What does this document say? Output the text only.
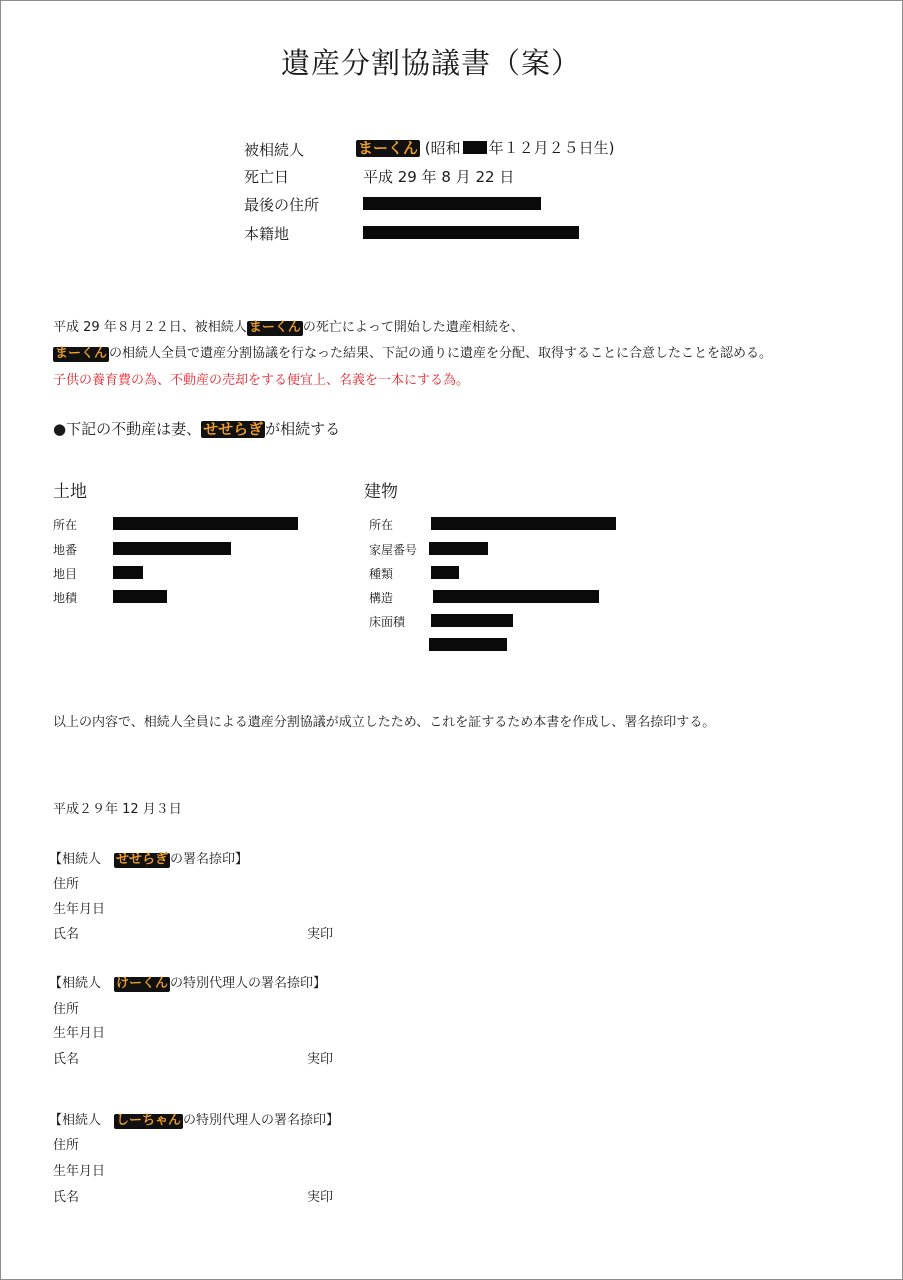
遺産分割協議書（案）
被相続人	まーくん (昭和 年１２月２５日生)
死亡日	平成 29 年 8 月 22 日
最後の住所
本籍地
平成 29 年８月２２日、被相続人 まーくん の死亡によって開始した遺産相続を、
まーくん の相続人全員で遺産分割協議を行なった結果、下記の通りに遺産を分配、取得することに合意したことを認める。
子供の養育費の為、不動産の売却をする便宜上、名義を一本にする為。
●下記の不動産は妻、 せせらぎ が相続する
土地
所在
地番
地目
地積
建物
所在
家屋番号
種類
構造
床面積
以上の内容で、相続人全員による遺産分割協議が成立したため、これを証するため本書を作成し、署名捺印する。
平成２９年 12 月３日
【相続人　 せせらぎ の署名捺印】
住所
生年月日
氏名	実印
【相続人　 けーくん の特別代理人の署名捺印】
住所
生年月日
氏名	実印
【相続人　 しーちゃん の特別代理人の署名捺印】
住所
生年月日
氏名	実印
